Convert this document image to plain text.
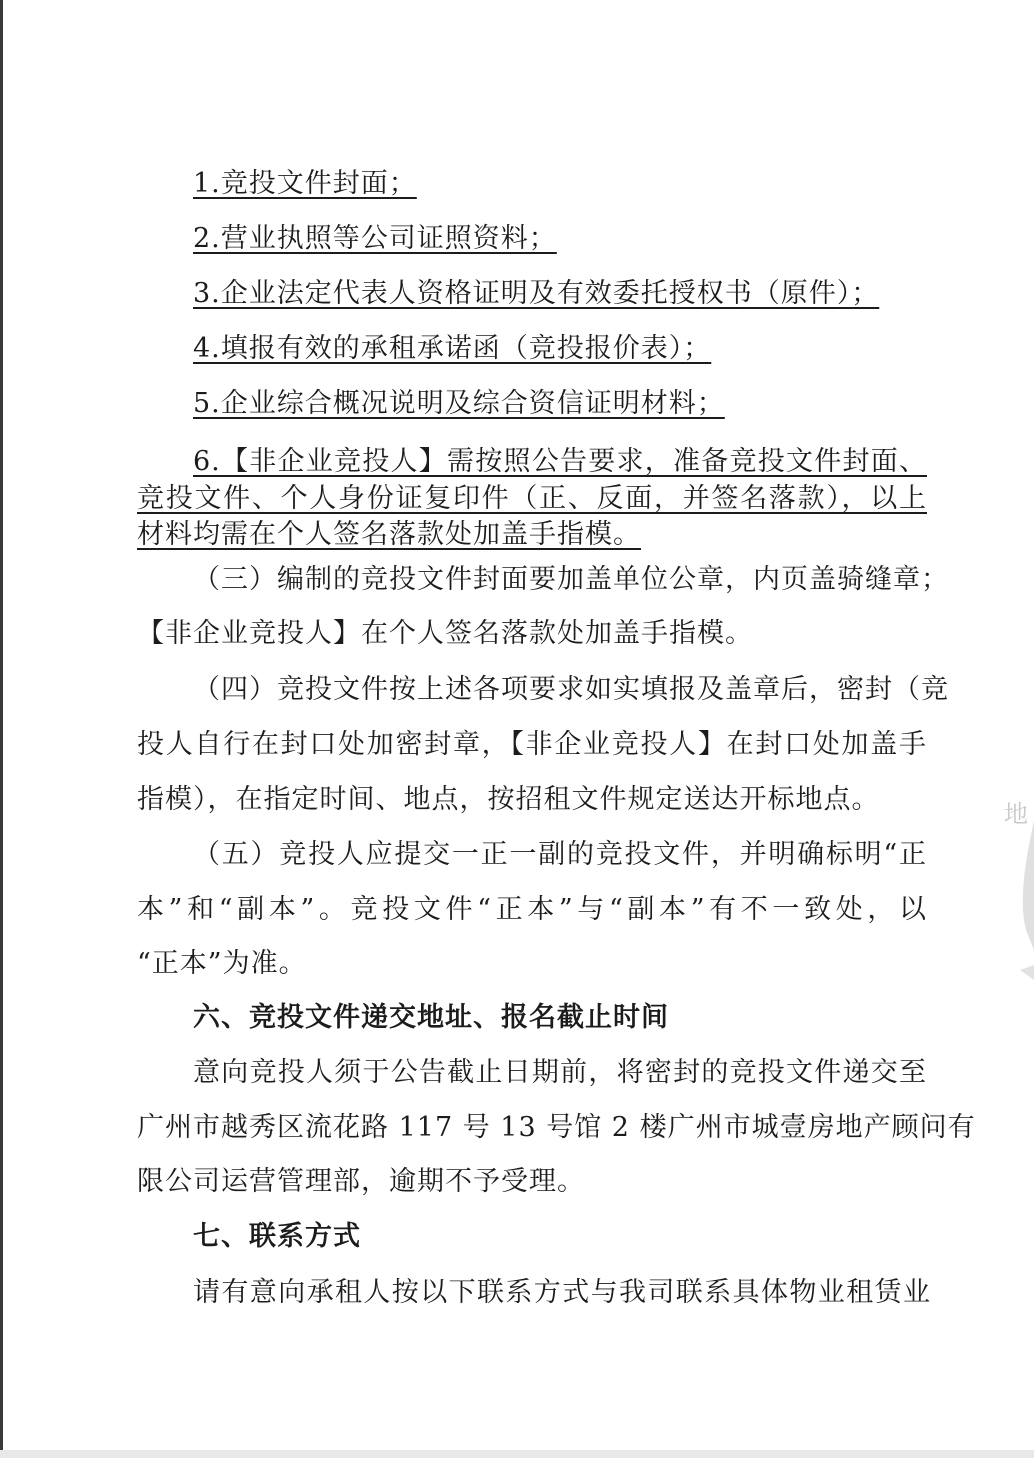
1.竞投文件封面；
2.营业执照等公司证照资料；
3.企业法定代表人资格证明及有效委托授权书（原件）；
4.填报有效的承租承诺函（竞投报价表）；
5.企业综合概况说明及综合资信证明材料；
6.【非企业竞投人】需按照公告要求，准备竞投文件封面、
竞投文件、个人身份证复印件（正、反面，并签名落款），以上
材料均需在个人签名落款处加盖手指模。
（三）编制的竞投文件封面要加盖单位公章，内页盖骑缝章；
【非企业竞投人】在个人签名落款处加盖手指模。
（四）竞投文件按上述各项要求如实填报及盖章后，密封（竞
投人自行在封口处加密封章，【非企业竞投人】在封口处加盖手
指模），在指定时间、地点，按招租文件规定送达开标地点。
（五）竞投人应提交一正一副的竞投文件，并明确标明“正
本”和“副本”。竞投文件“正本”与“副本”有不一致处，以
“正本”为准。
六、竞投文件递交地址、报名截止时间
意向竞投人须于公告截止日期前，将密封的竞投文件递交至
广州市越秀区流花路 117 号 13 号馆 2 楼广州市城壹房地产顾问有
限公司运营管理部，逾期不予受理。
七、联系方式
请有意向承租人按以下联系方式与我司联系具体物业租赁业
地
